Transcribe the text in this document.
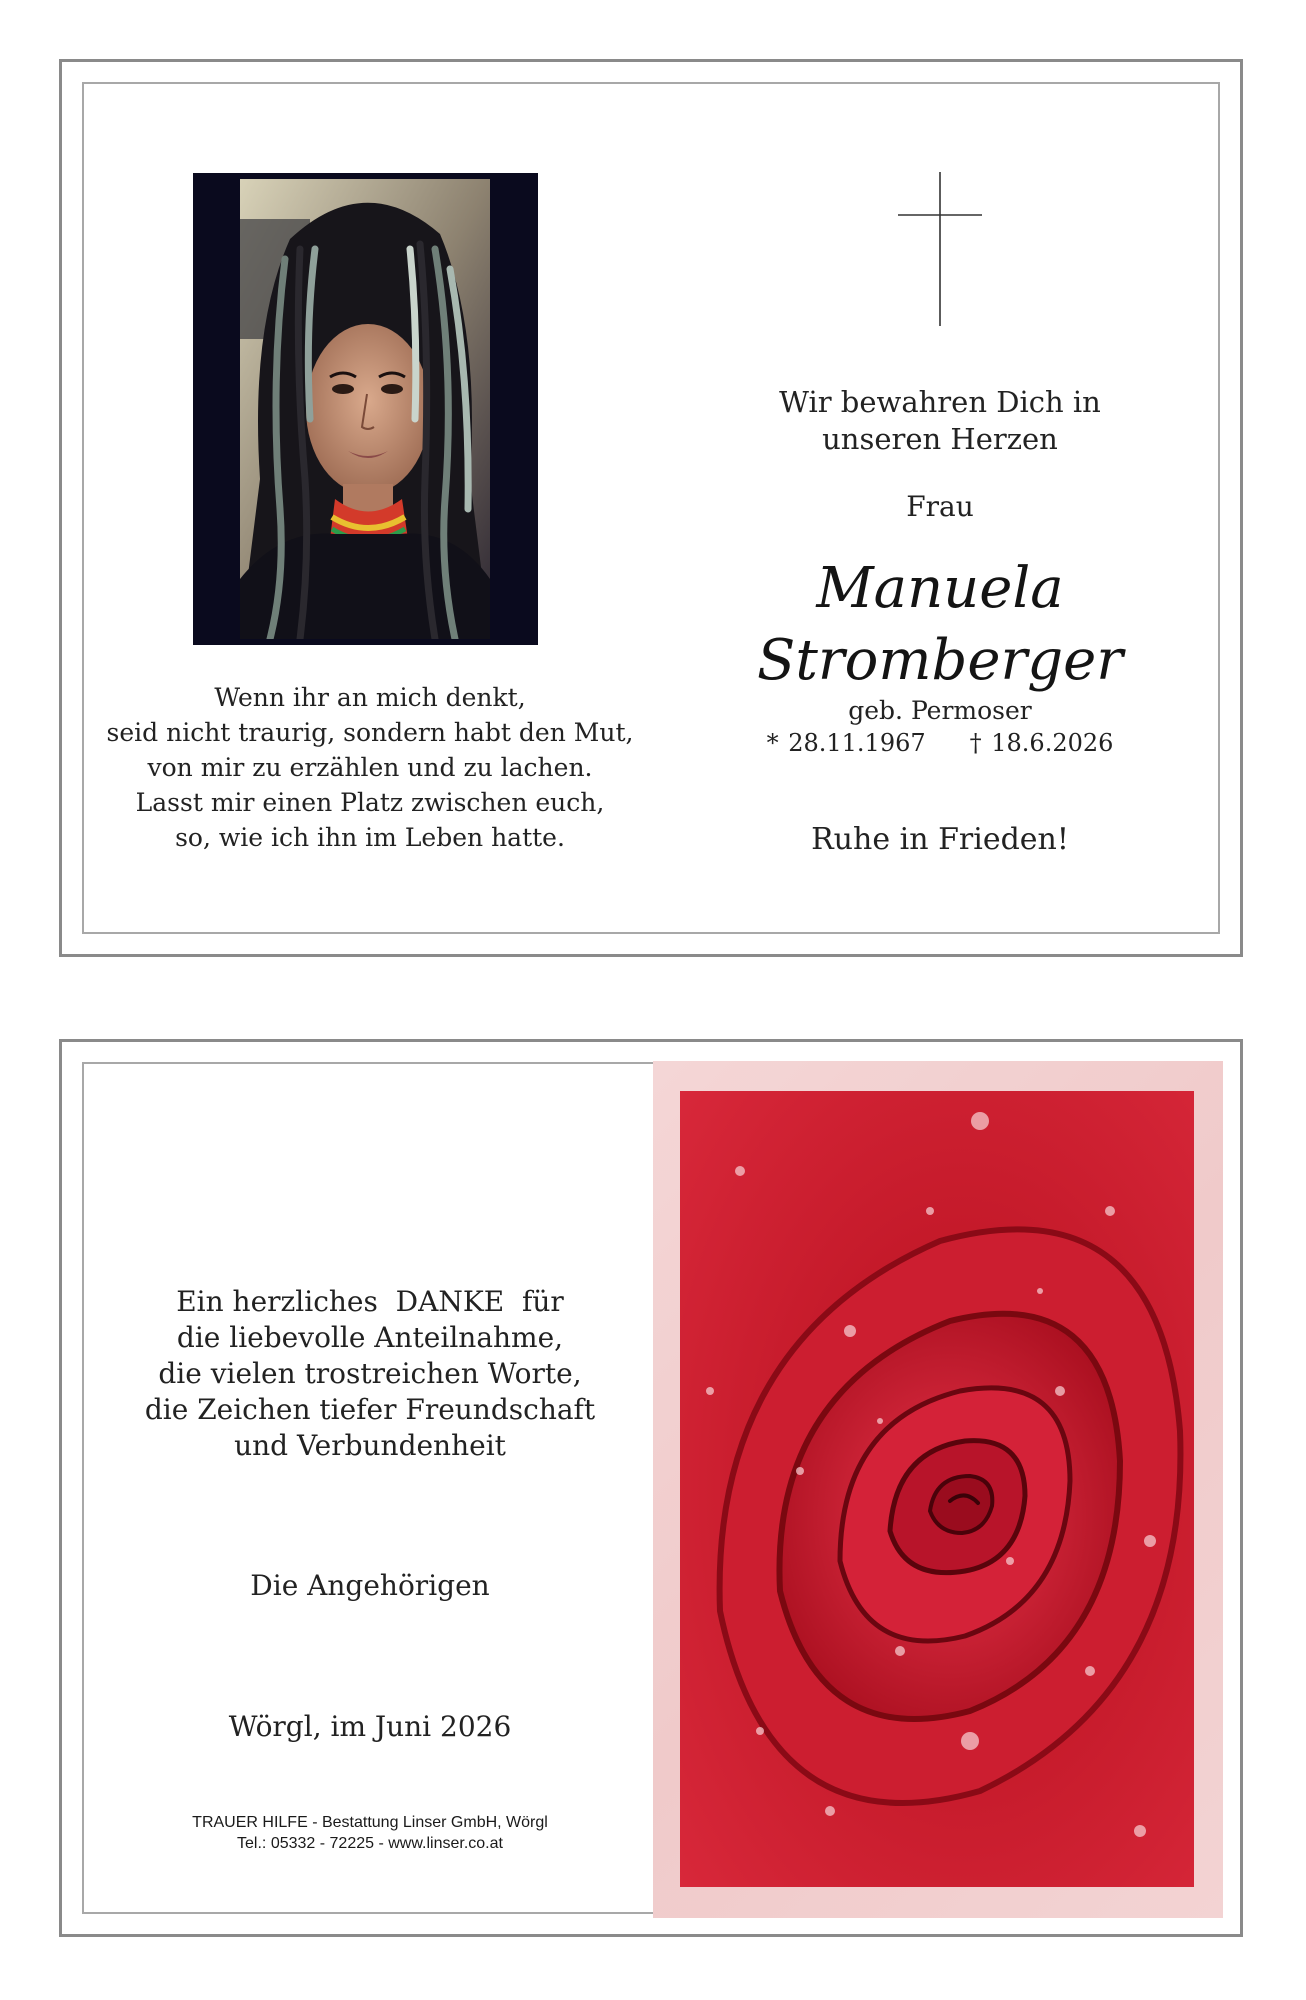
Wenn ihr an mich denkt,
seid nicht traurig, sondern habt den Mut,
von mir zu erzählen und zu lachen.
Lasst mir einen Platz zwischen euch,
so, wie ich ihn im Leben hatte.
Wir bewahren Dich in
unseren Herzen
Frau
Manuela
Stromberger
geb. Permoser
* 28.11.1967 † 18.6.2026
Ruhe in Frieden!
Ein herzliches  DANKE  für
die liebevolle Anteilnahme,
die vielen trostreichen Worte,
die Zeichen tiefer Freundschaft
und Verbundenheit
Die Angehörigen
Wörgl, im Juni 2026
TRAUER HILFE - Bestattung Linser GmbH, Wörgl
Tel.: 05332 - 72225 - www.linser.co.at
